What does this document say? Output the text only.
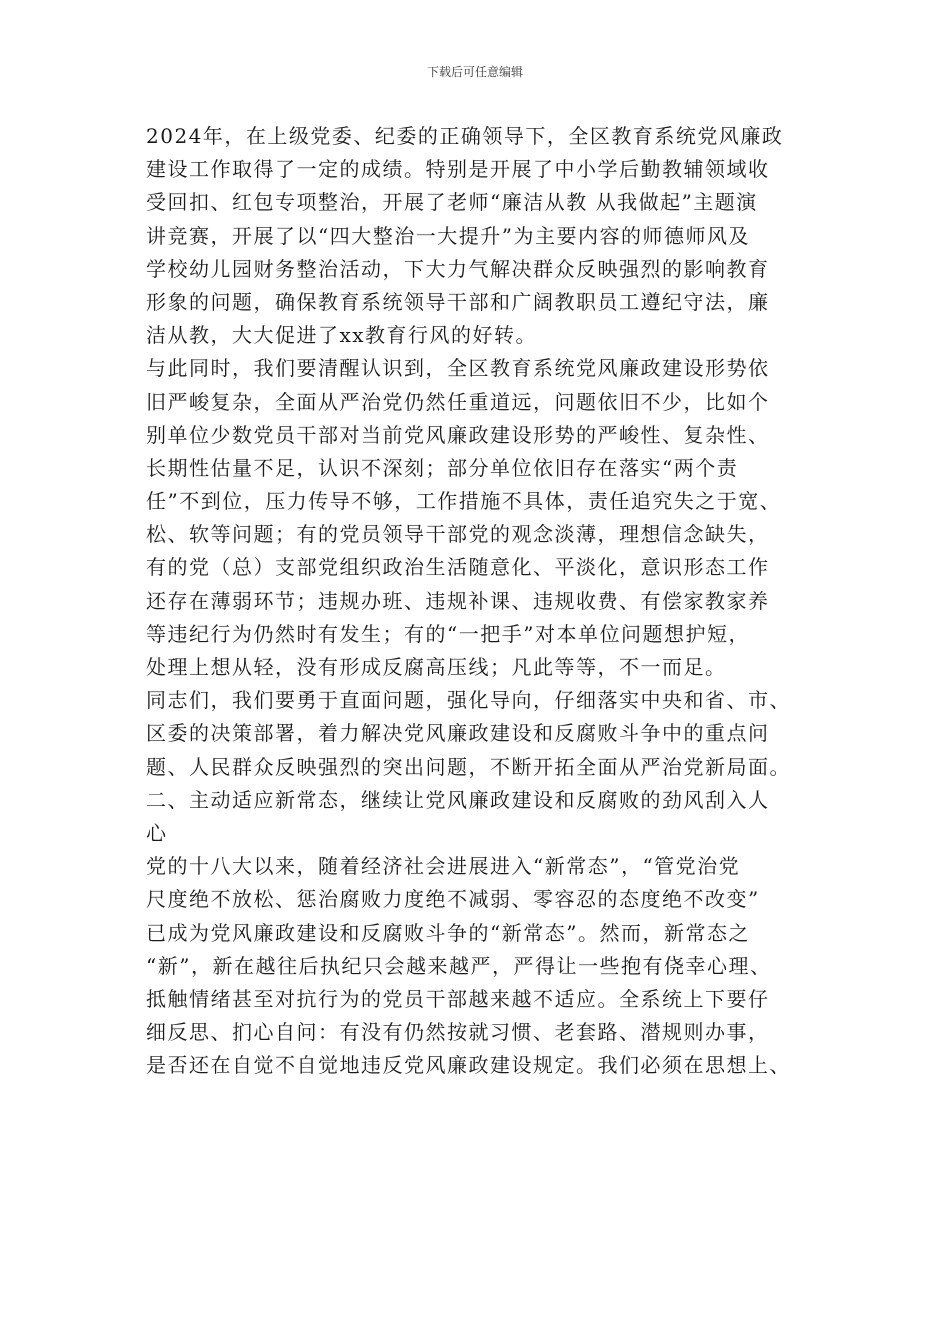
下载后可任意编辑
2024年，在上级党委、纪委的正确领导下，全区教育系统党风廉政
建设工作取得了一定的成绩。特别是开展了中小学后勤教辅领域收
受回扣、红包专项整治，开展了老师“廉洁从教 从我做起”主题演
讲竞赛，开展了以“四大整治一大提升”为主要内容的师德师风及
学校幼儿园财务整治活动，下大力气解决群众反映强烈的影响教育
形象的问题，确保教育系统领导干部和广阔教职员工遵纪守法，廉
洁从教，大大促进了xx教育行风的好转。
与此同时，我们要清醒认识到，全区教育系统党风廉政建设形势依
旧严峻复杂，全面从严治党仍然任重道远，问题依旧不少，比如个
别单位少数党员干部对当前党风廉政建设形势的严峻性、复杂性、
长期性估量不足，认识不深刻；部分单位依旧存在落实“两个责
任”不到位，压力传导不够，工作措施不具体，责任追究失之于宽、
松、软等问题；有的党员领导干部党的观念淡薄，理想信念缺失，
有的党（总）支部党组织政治生活随意化、平淡化，意识形态工作
还存在薄弱环节；违规办班、违规补课、违规收费、有偿家教家养
等违纪行为仍然时有发生；有的“一把手”对本单位问题想护短，
处理上想从轻，没有形成反腐高压线；凡此等等，不一而足。
同志们，我们要勇于直面问题，强化导向，仔细落实中央和省、市、
区委的决策部署，着力解决党风廉政建设和反腐败斗争中的重点问
题、人民群众反映强烈的突出问题，不断开拓全面从严治党新局面。
二、主动适应新常态，继续让党风廉政建设和反腐败的劲风刮入人
心
党的十八大以来，随着经济社会进展进入“新常态”，“管党治党
尺度绝不放松、惩治腐败力度绝不减弱、零容忍的态度绝不改变”
已成为党风廉政建设和反腐败斗争的“新常态”。然而，新常态之
“新”，新在越往后执纪只会越来越严，严得让一些抱有侥幸心理、
抵触情绪甚至对抗行为的党员干部越来越不适应。全系统上下要仔
细反思、扪心自问：有没有仍然按就习惯、老套路、潜规则办事，
是否还在自觉不自觉地违反党风廉政建设规定。我们必须在思想上、
